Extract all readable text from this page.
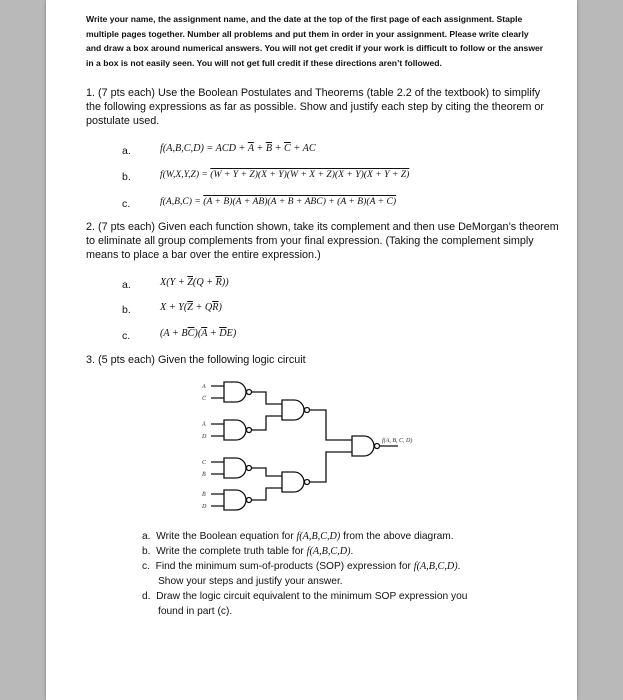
Write your name, the assignment name, and the date at the top of the first page of each assignment. Staple multiple pages together. Number all problems and put them in order in your assignment. Please write clearly and draw a box around numerical answers. You will not get credit if your work is difficult to follow or the answer in a box is not easily seen. You will not get full credit if these directions aren’t followed.
1. (7 pts each) Use the Boolean Postulates and Theorems (table 2.2 of the textbook) to simplify the following expressions as far as possible. Show and justify each step by citing the theorem or postulate used.
a.	f(A,B,C,D) = ACD + $\overline{A} + \overline{B} + \overline{C}$ + AC
b.	f(W,X,Y,Z) = (W + Y + Z)(X + Y)(W + X + Z)(X + Y)(X + Y + Z)
c.	f(A,B,C) = (A + B)(A + AB)(A + B + ABC) + (A + B)(A + C)
2. (7 pts each) Given each function shown, take its complement and then use DeMorgan’s theorem to eliminate all group complements from your final expression. (Taking the complement simply means to place a bar over the entire expression.)
a.	$X(Y + \overline{Z}(Q + \overline{R}))$
b.	$X + Y(\overline{Z} + Q\overline{R})$
c.	$(A + B\overline{C})(\overline{A} + \overline{D}E)$
3. (5 pts each) Given the following logic circuit
A
C̄
Ā
D
C
B̄
B̄
D
f(A, B, C, D)
a. Write the Boolean equation for f(A,B,C,D) from the above diagram.
b. Write the complete truth table for f(A,B,C,D).
c. Find the minimum sum-of-products (SOP) expression for f(A,B,C,D).
Show your steps and justify your answer.
d. Draw the logic circuit equivalent to the minimum SOP expression you
found in part (c).
